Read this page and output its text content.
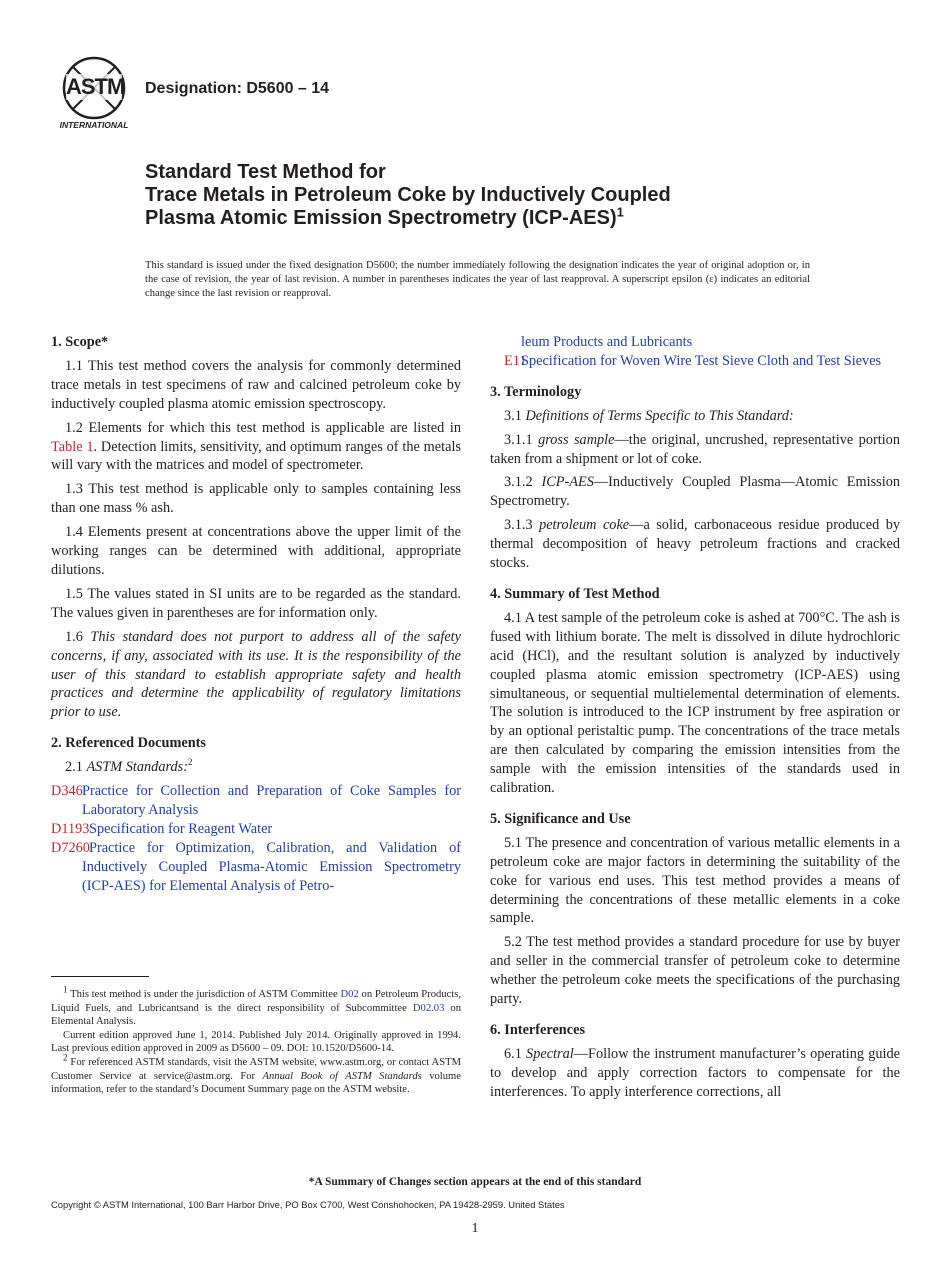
ASTM
INTERNATIONAL
Designation: D5600 – 14
Standard Test Method for
Trace Metals in Petroleum Coke by Inductively Coupled
Plasma Atomic Emission Spectrometry $(ICP-AES)^1$
This standard is issued under the fixed designation D5600; the number immediately following the designation indicates the year of original adoption or, in the case of revision, the year of last revision. A number in parentheses indicates the year of last reapproval. A superscript epsilon (ε) indicates an editorial change since the last revision or reapproval.
1. Scope*

1.1 This test method covers the analysis for commonly determined trace metals in test specimens of raw and calcined petroleum coke by inductively coupled plasma atomic emission spectroscopy.

1.2 Elements for which this test method is applicable are listed in Table 1. Detection limits, sensitivity, and optimum ranges of the metals will vary with the matrices and model of spectrometer.

1.3 This test method is applicable only to samples containing less than one mass % ash.

1.4 Elements present at concentrations above the upper limit of the working ranges can be determined with additional, appropriate dilutions.

1.5 The values stated in SI units are to be regarded as the standard. The values given in parentheses are for information only.

1.6 This standard does not purport to address all of the safety concerns, if any, associated with its use. It is the responsibility of the user of this standard to establish appropriate safety and health practices and determine the applicability of regulatory limitations prior to use.

2. Referenced Documents

2.1 ASTM Standards:$^2$

D346Practice for Collection and Preparation of Coke Samples for Laboratory Analysis

D1193Specification for Reagent Water

D7260Practice for Optimization, Calibration, and Validation of Inductively Coupled Plasma-Atomic Emission Spectrometry (ICP-AES) for Elemental Analysis of Petro-

leum Products and Lubricants

E11Specification for Woven Wire Test Sieve Cloth and Test Sieves

3. Terminology

3.1 Definitions of Terms Specific to This Standard:

3.1.1 gross sample—the original, uncrushed, representative portion taken from a shipment or lot of coke.

3.1.2 ICP-AES—Inductively Coupled Plasma—Atomic Emission Spectrometry.

3.1.3 petroleum coke—a solid, carbonaceous residue produced by thermal decomposition of heavy petroleum fractions and cracked stocks.

4. Summary of Test Method

4.1 A test sample of the petroleum coke is ashed at 700°C. The ash is fused with lithium borate. The melt is dissolved in dilute hydrochloric acid (HCl), and the resultant solution is analyzed by inductively coupled plasma atomic emission spectrometry (ICP-AES) using simultaneous, or sequential multielemental determination of elements. The solution is introduced to the ICP instrument by free aspiration or by an optional peristaltic pump. The concentrations of the trace metals are then calculated by comparing the emission intensities from the sample with the emission intensities of the standards used in calibration.

5. Significance and Use

5.1 The presence and concentration of various metallic elements in a petroleum coke are major factors in determining the suitability of the coke for various end uses. This test method provides a means of determining the concentrations of these metallic elements in a coke sample.

5.2 The test method provides a standard procedure for use by buyer and seller in the commercial transfer of petroleum coke to determine whether the petroleum coke meets the specifications of the purchasing party.

6. Interferences

6.1 Spectral—Follow the instrument manufacturer’s operating guide to develop and apply correction factors to compensate for the interferences. To apply interference corrections, all

$^1$ This test method is under the jurisdiction of ASTM Committee D02 on Petroleum Products, Liquid Fuels, and Lubricantsand is the direct responsibility of Subcommittee D02.03 on Elemental Analysis.

Current edition approved June 1, 2014. Published July 2014. Originally approved in 1994. Last previous edition approved in 2009 as D5600 – 09. DOI: 10.1520/D5600-14.

$^2$ For referenced ASTM standards, visit the ASTM website, www.astm.org, or contact ASTM Customer Service at service@astm.org. For Annual Book of ASTM Standards volume information, refer to the standard’s Document Summary page on the ASTM website.

*A Summary of Changes section appears at the end of this standard
Copyright © ASTM International, 100 Barr Harbor Drive, PO Box C700, West Conshohocken, PA 19428-2959. United States
1
